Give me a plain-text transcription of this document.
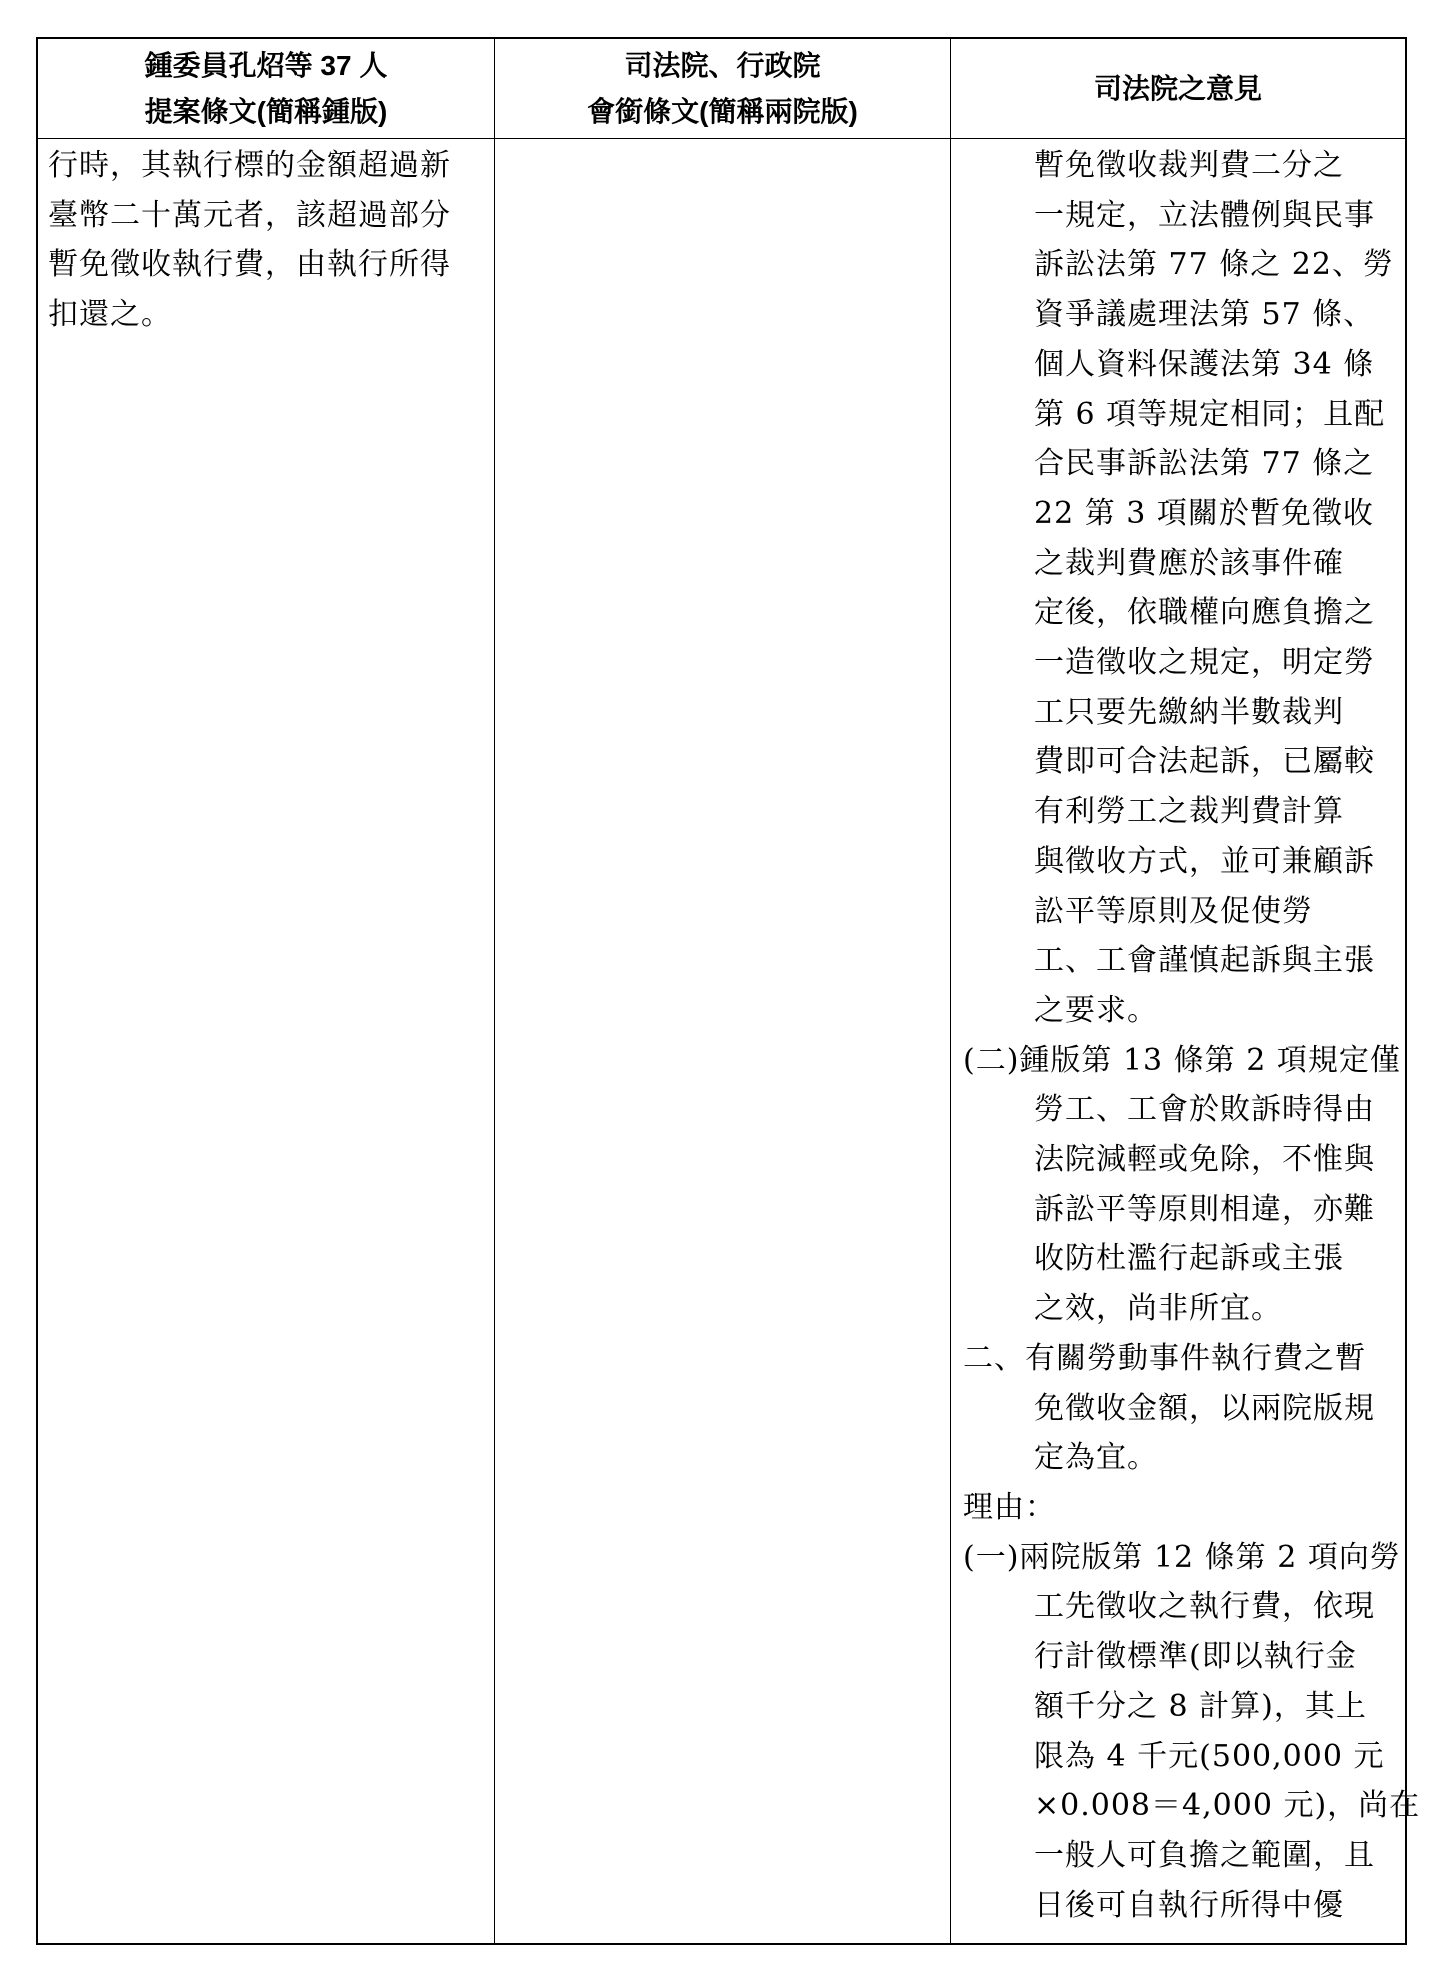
鍾委員孔炤等 37 人
提案條文(簡稱鍾版)
司法院、行政院
會銜條文(簡稱兩院版)
司法院之意見

行時，其執行標的金額超過新

臺幣二十萬元者，該超過部分

暫免徵收執行費，由執行所得

扣還之。

暫免徵收裁判費二分之

一規定，立法體例與民事

訴訟法第 77 條之 22、勞

資爭議處理法第 57 條、

個人資料保護法第 34 條

第 6 項等規定相同；且配

合民事訴訟法第 77 條之

22 第 3 項關於暫免徵收

之裁判費應於該事件確

定後，依職權向應負擔之

一造徵收之規定，明定勞

工只要先繳納半數裁判

費即可合法起訴，已屬較

有利勞工之裁判費計算

與徵收方式，並可兼顧訴

訟平等原則及促使勞

工、工會謹慎起訴與主張

之要求。

(二)鍾版第 13 條第 2 項規定僅

勞工、工會於敗訴時得由

法院減輕或免除，不惟與

訴訟平等原則相違，亦難

收防杜濫行起訴或主張

之效，尚非所宜。

二、有關勞動事件執行費之暫

免徵收金額，以兩院版規

定為宜。

理由：

(一)兩院版第 12 條第 2 項向勞

工先徵收之執行費，依現

行計徵標準(即以執行金

額千分之 8 計算)，其上

限為 4 千元(500,000 元

×0.008＝4,000 元)，尚在

一般人可負擔之範圍，且

日後可自執行所得中優
